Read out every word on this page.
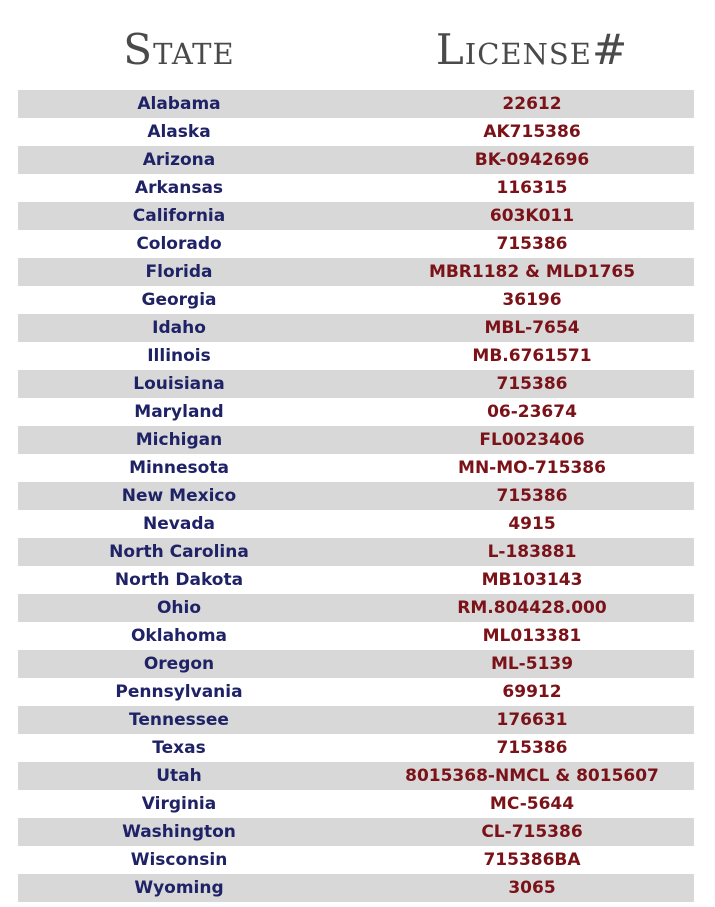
State	License#
Alabama	22612
Alaska	AK715386
Arizona	BK-0942696
Arkansas	116315
California	603K011
Colorado	715386
Florida	MBR1182 & MLD1765
Georgia	36196
Idaho	MBL-7654
Illinois	MB.6761571
Louisiana	715386
Maryland	06-23674
Michigan	FL0023406
Minnesota	MN-MO-715386
New Mexico	715386
Nevada	4915
North Carolina	L-183881
North Dakota	MB103143
Ohio	RM.804428.000
Oklahoma	ML013381
Oregon	ML-5139
Pennsylvania	69912
Tennessee	176631
Texas	715386
Utah	8015368-NMCL & 8015607
Virginia	MC-5644
Washington	CL-715386
Wisconsin	715386BA
Wyoming	3065
